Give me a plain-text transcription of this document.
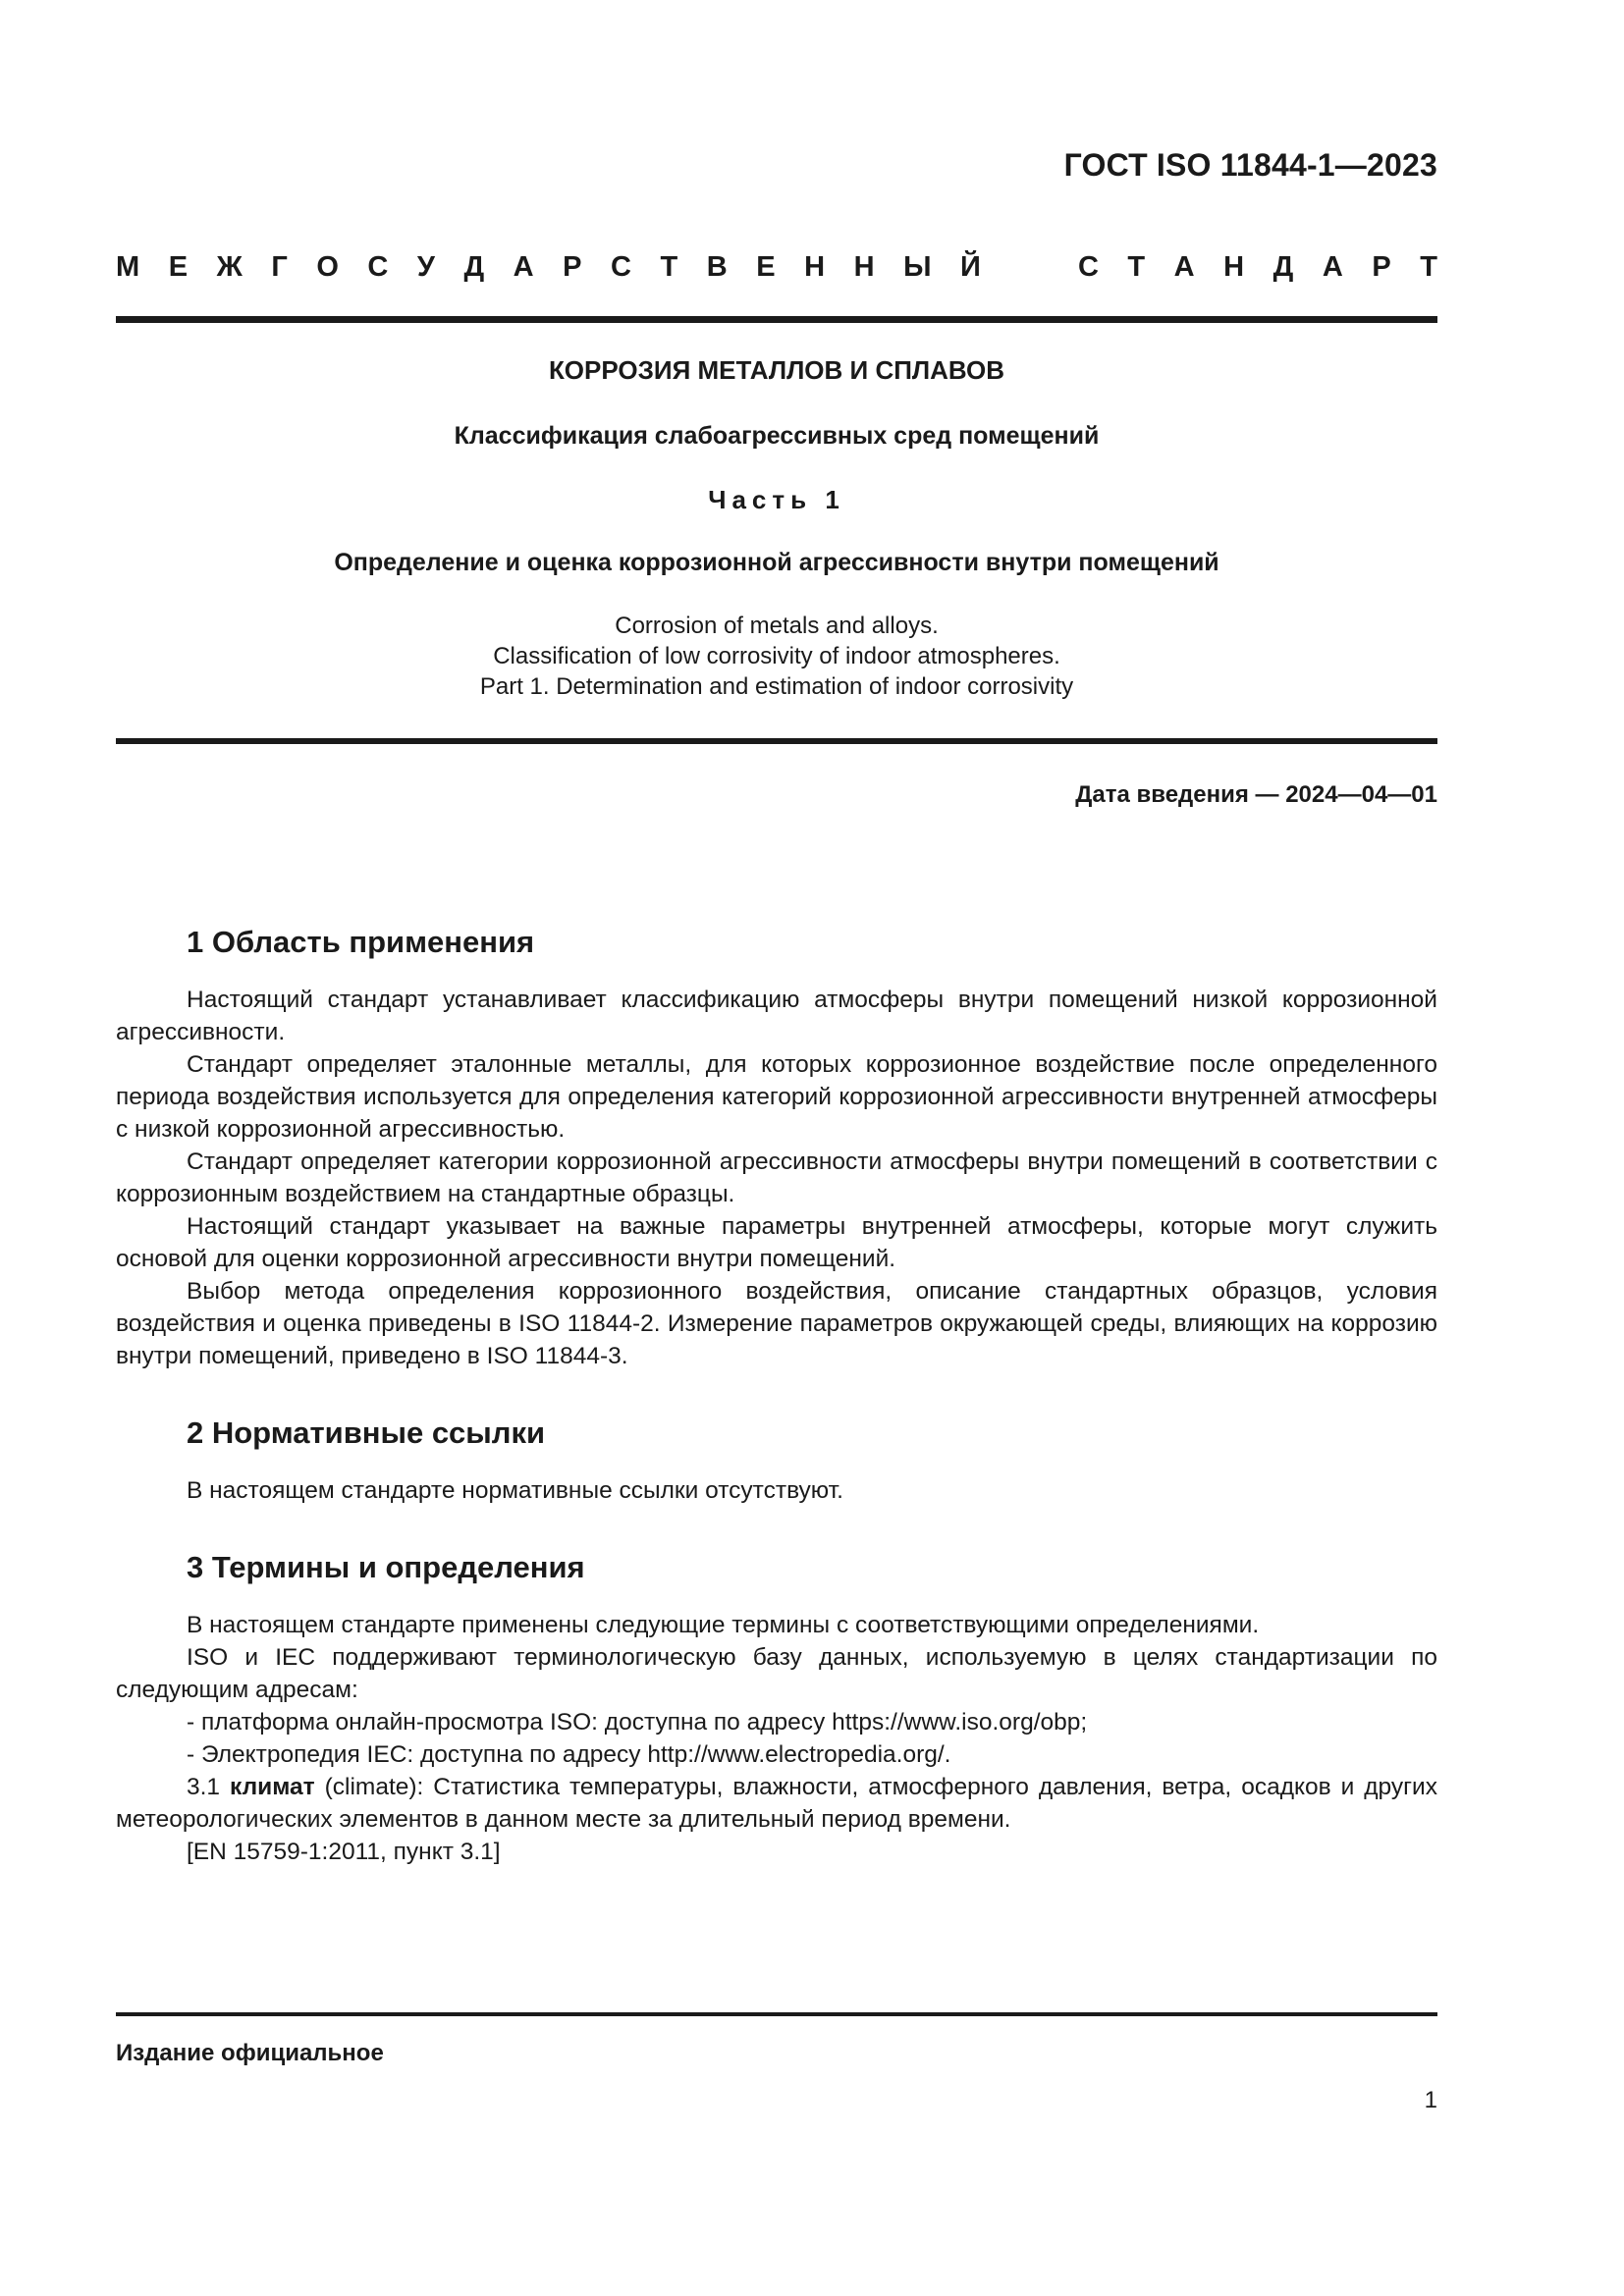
ГОСТ ISO 11844-1—2023
М Е Ж Г О С У Д А Р С Т В Е Н Н Ы Й	С Т А Н Д А Р Т
КОРРОЗИЯ МЕТАЛЛОВ И СПЛАВОВ
Классификация слабоагрессивных сред помещений
Часть 1
Определение и оценка коррозионной агрессивности внутри помещений
Corrosion of metals and alloys.
Classification of low corrosivity of indoor atmospheres.
Part 1. Determination and estimation of indoor corrosivity
Дата введения — 2024—04—01
1 Область применения

Настоящий стандарт устанавливает классификацию атмосферы внутри помещений низкой коррозионной агрессивности.

Стандарт определяет эталонные металлы, для которых коррозионное воздействие после определенного периода воздействия используется для определения категорий коррозионной агрессивности внутренней атмосферы с низкой коррозионной агрессивностью.

Стандарт определяет категории коррозионной агрессивности атмосферы внутри помещений в соответствии с коррозионным воздействием на стандартные образцы.

Настоящий стандарт указывает на важные параметры внутренней атмосферы, которые могут служить основой для оценки коррозионной агрессивности внутри помещений.

Выбор метода определения коррозионного воздействия, описание стандартных образцов, условия воздействия и оценка приведены в ISO 11844-2. Измерение параметров окружающей среды, влияющих на коррозию внутри помещений, приведено в ISO 11844-3.

2 Нормативные ссылки

В настоящем стандарте нормативные ссылки отсутствуют.

3 Термины и определения

В настоящем стандарте применены следующие термины с соответствующими определениями.

ISO и IEC поддерживают терминологическую базу данных, используемую в целях стандартизации по следующим адресам:

- платформа онлайн-просмотра ISO: доступна по адресу https://www.iso.org/obp;

- Электропедия IEC: доступна по адресу http://www.electropedia.org/.

3.1 климат (climate): Статистика температуры, влажности, атмосферного давления, ветра, осадков и других метеорологических элементов в данном месте за длительный период времени.

[EN 15759-1:2011, пункт 3.1]

Издание официальное
1
